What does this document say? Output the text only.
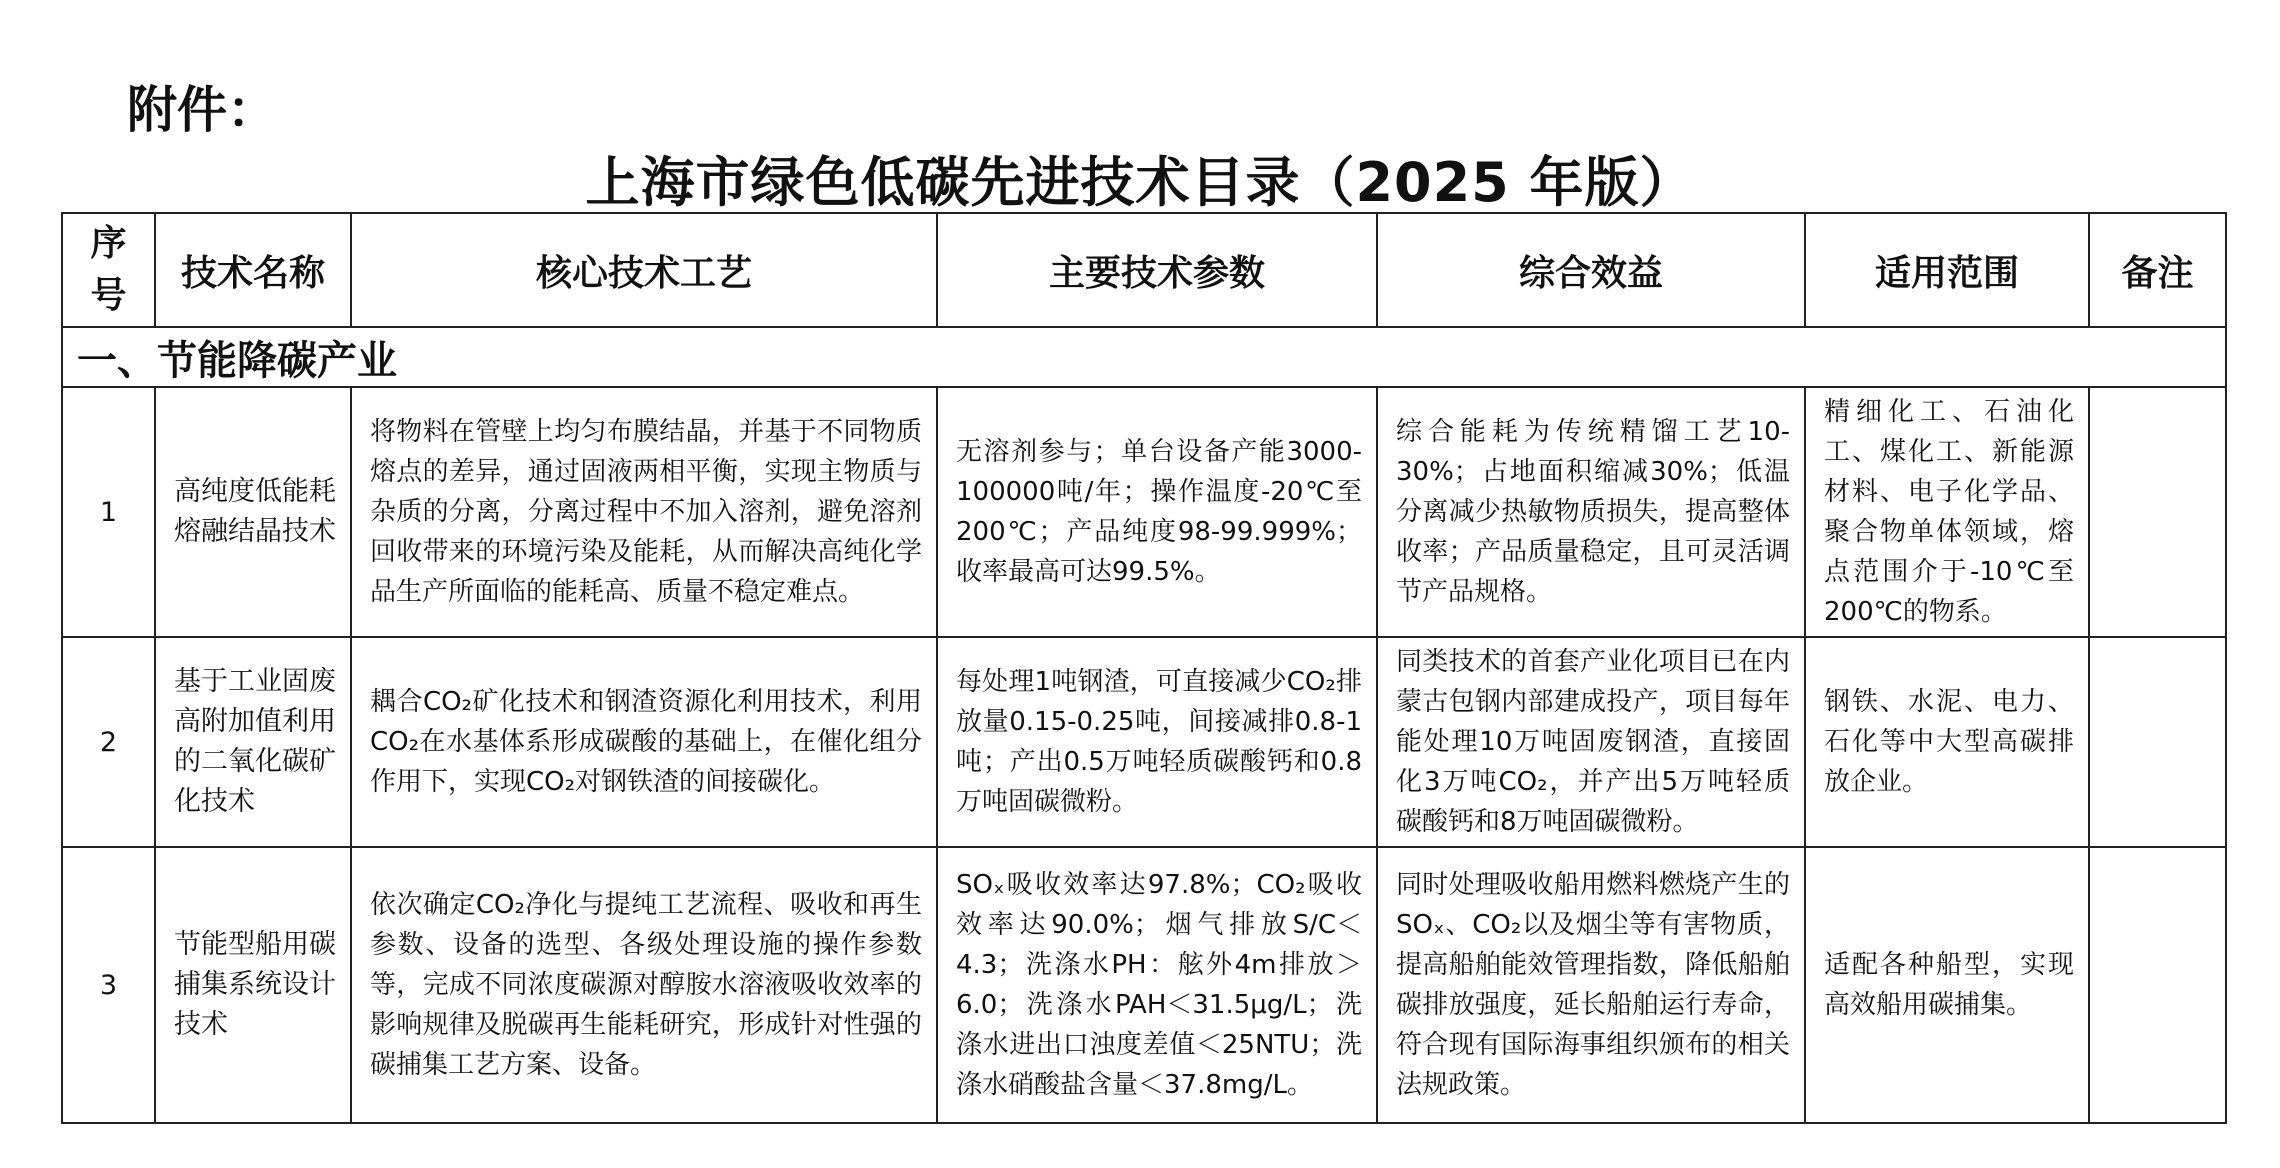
附件：
上海市绿色低碳先进技术目录（2025 年版）
序号	技术名称	核心技术工艺	主要技术参数	综合效益	适用范围	备注
一、节能降碳产业						
1	高纯度低能耗熔融结晶技术	将物料在管壁上均匀布膜结晶，并基于不同物质熔点的差异，通过固液两相平衡，实现主物质与杂质的分离，分离过程中不加入溶剂，避免溶剂回收带来的环境污染及能耗，从而解决高纯化学品生产所面临的能耗高、质量不稳定难点。	无溶剂参与；单台设备产能3000-100000吨/年；操作温度-20℃至200℃；产品纯度98-99.999%；收率最高可达99.5%。	综合能耗为传统精馏工艺10-30%；占地面积缩减30%；低温分离减少热敏物质损失，提高整体收率；产品质量稳定，且可灵活调节产品规格。	精细化工、石油化工、煤化工、新能源材料、电子化学品、聚合物单体领域，熔点范围介于-10℃至200℃的物系。	
2	基于工业固废高附加值利用的二氧化碳矿化技术	耦合CO₂矿化技术和钢渣资源化利用技术，利用CO₂在水基体系形成碳酸的基础上，在催化组分作用下，实现CO₂对钢铁渣的间接碳化。	每处理1吨钢渣，可直接减少CO₂排放量0.15-0.25吨，间接减排0.8-1吨；产出0.5万吨轻质碳酸钙和0.8万吨固碳微粉。	同类技术的首套产业化项目已在内蒙古包钢内部建成投产，项目每年能处理10万吨固废钢渣，直接固化3万吨CO₂，并产出5万吨轻质碳酸钙和8万吨固碳微粉。	钢铁、水泥、电力、石化等中大型高碳排放企业。	
3	节能型船用碳捕集系统设计技术	依次确定CO₂净化与提纯工艺流程、吸收和再生参数、设备的选型、各级处理设施的操作参数等，完成不同浓度碳源对醇胺水溶液吸收效率的影响规律及脱碳再生能耗研究，形成针对性强的碳捕集工艺方案、设备。	SOₓ吸收效率达97.8%；CO₂吸收效率达90.0%；烟气排放S/C＜4.3；洗涤水PH：舷外4m排放＞6.0；洗涤水PAH＜31.5μg/L；洗涤水进出口浊度差值＜25NTU；洗涤水硝酸盐含量＜37.8mg/L。	同时处理吸收船用燃料燃烧产生的SOₓ、CO₂以及烟尘等有害物质，提高船舶能效管理指数，降低船舶碳排放强度，延长船舶运行寿命，符合现有国际海事组织颁布的相关法规政策。	适配各种船型，实现高效船用碳捕集。	
